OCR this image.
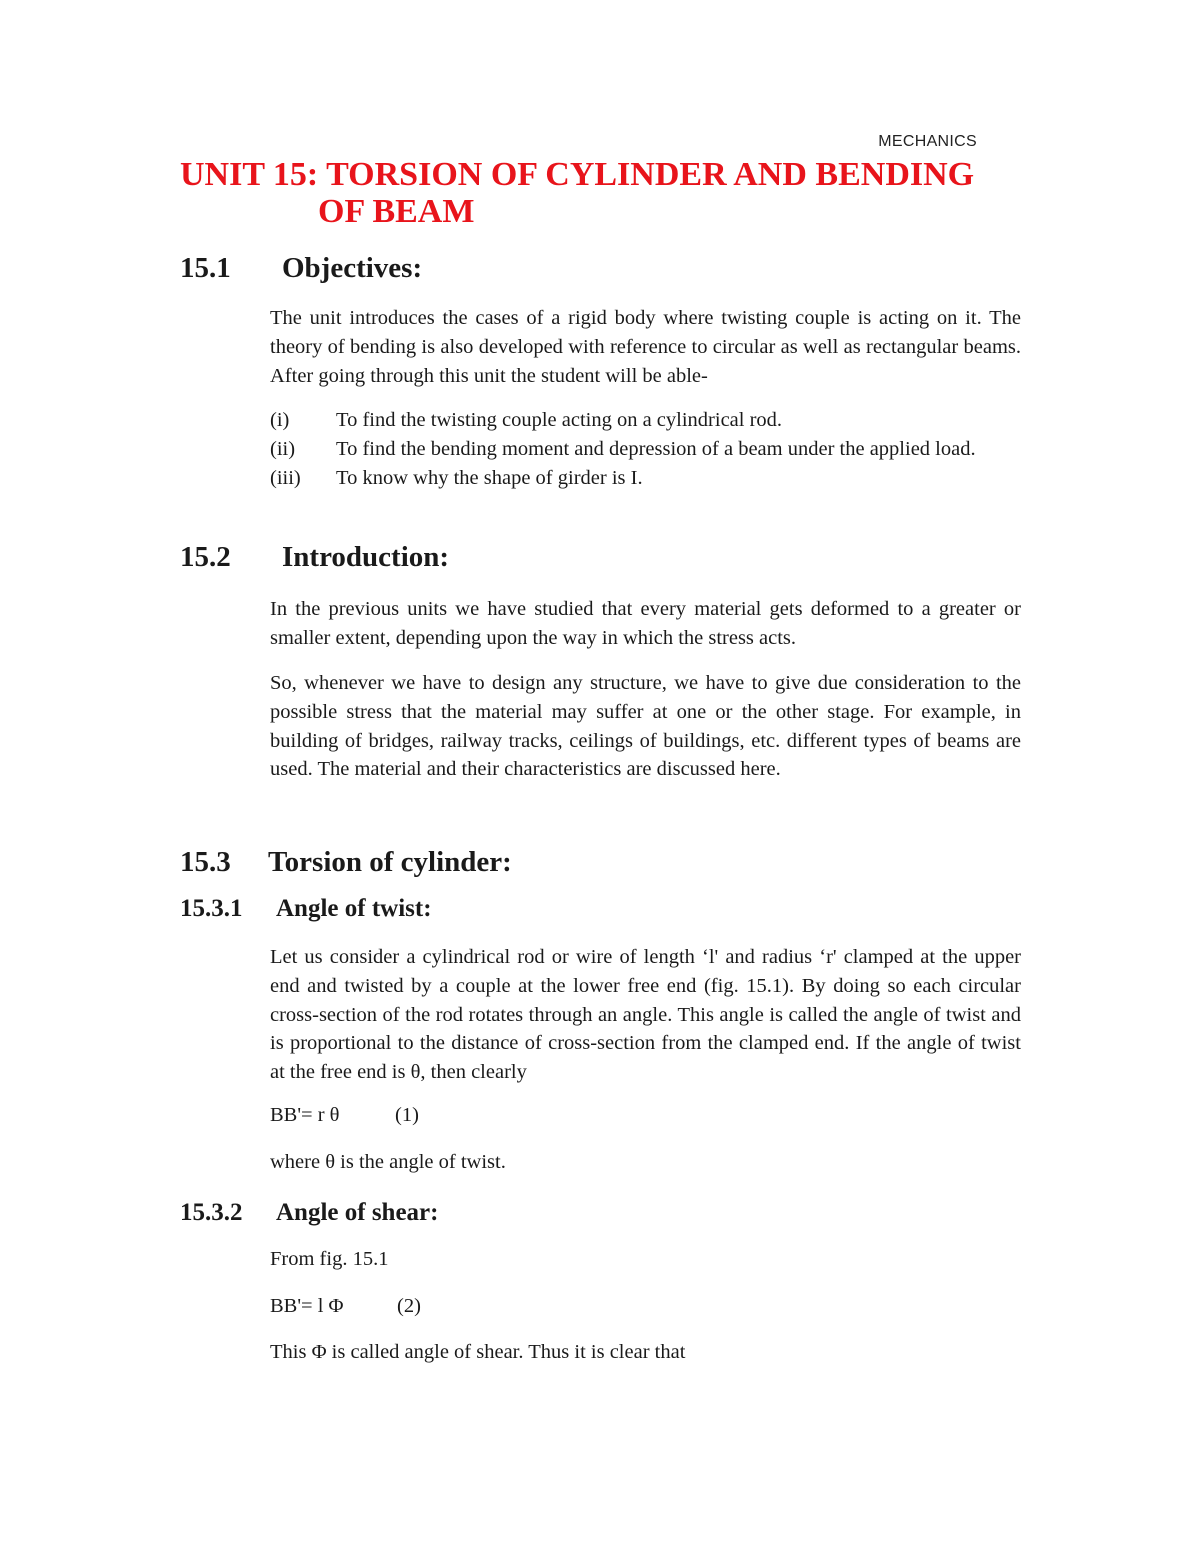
MECHANICS
UNIT 15: TORSION OF CYLINDER AND BENDING
OF BEAM
15.1 Objectives:
The unit introduces the cases of a rigid body where twisting couple is acting on it. The theory of bending is also developed with reference to circular as well as rectangular beams. After going through this unit the student will be able-
(i) To find the twisting couple acting on a cylindrical rod.
(ii) To find the bending moment and depression of a beam under the applied load.
(iii) To know why the shape of girder is I.
15.2 Introduction:
In the previous units we have studied that every material gets deformed to a greater or smaller extent, depending upon the way in which the stress acts.
So, whenever we have to design any structure, we have to give due consideration to the possible stress that the material may suffer at one or the other stage. For example, in building of bridges, railway tracks, ceilings of buildings, etc. different types of beams are used. The material and their characteristics are discussed here.
15.3 Torsion of cylinder:
15.3.1 Angle of twist:
Let us consider a cylindrical rod or wire of length ‘l' and radius ‘r' clamped at the upper end and twisted by a couple at the lower free end (fig. 15.1). By doing so each circular cross-section of the rod rotates through an angle. This angle is called the angle of twist and is proportional to the distance of cross-section from the clamped end. If the angle of twist at the free end is θ, then clearly
BB'= r θ	(1)
where θ is the angle of twist.
15.3.2 Angle of shear:
From fig. 15.1
BB'= l Φ	(2)
This Φ is called angle of shear. Thus it is clear that
